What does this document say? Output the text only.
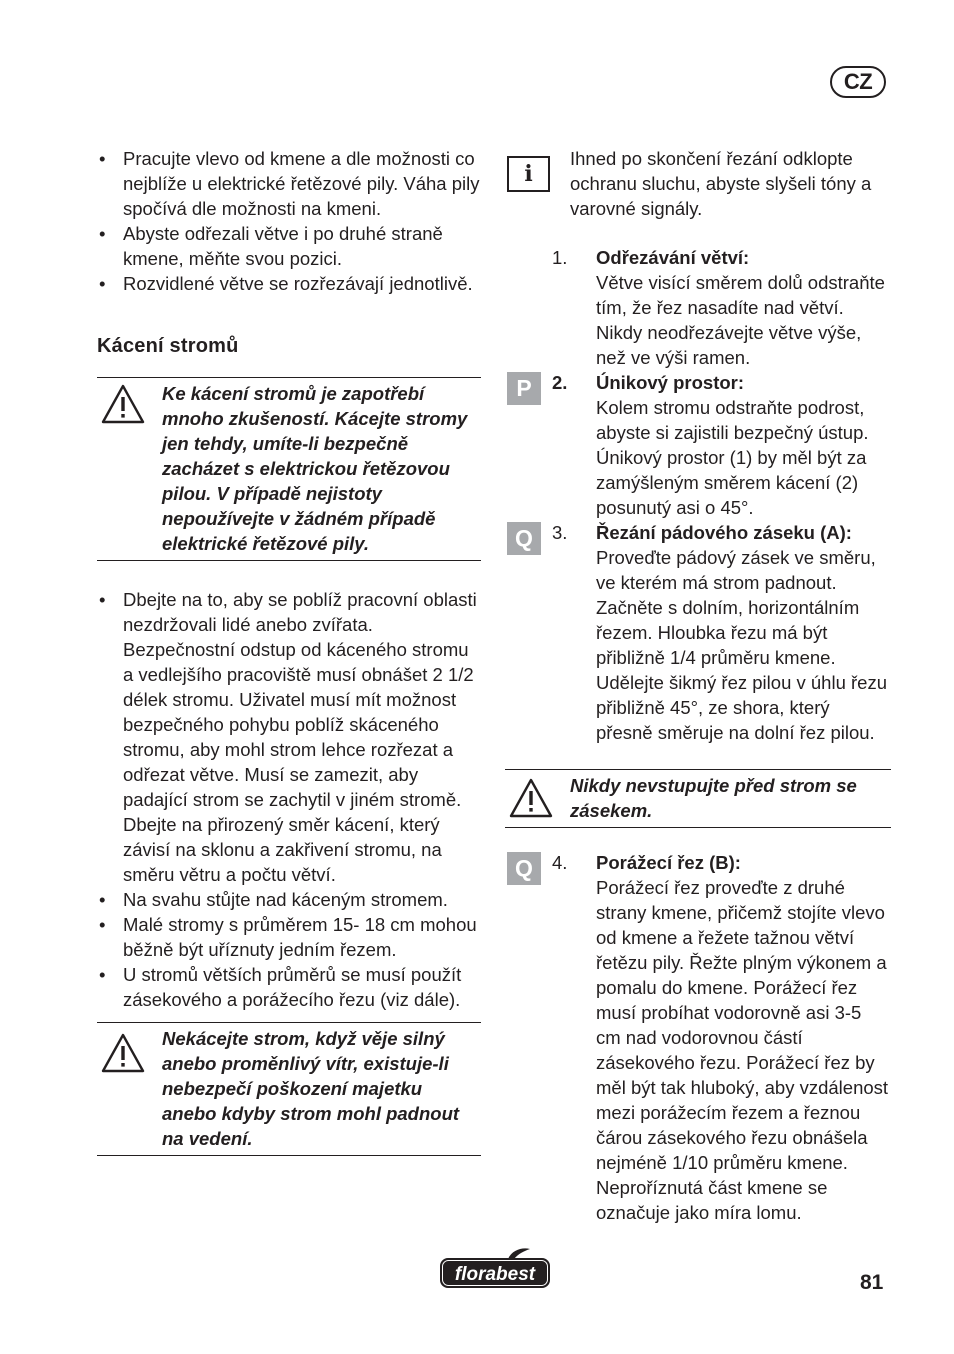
CZ
• Pracujte vlevo od kmene a dle možnosti co nejblíže u elektrické řetězové pily. Váha pily spočívá dle možnosti na kmeni.
• Abyste odřezali větve i po druhé straně kmene, měňte svou pozici.
• Rozvidlené větve se rozřezávají jednotlivě.
Kácení stromů
Ke kácení stromů je zapotřebí mnoho zkušeností. Kácejte stromy jen tehdy, umíte-li bezpečně zacházet s elektrickou řetězovou pilou. V případě nejistoty nepoužívejte v žádném případě elektrické řetězové pily.
• Dbejte na to, aby se poblíž pracovní oblasti nezdržovali lidé anebo zvířata. Bezpečnostní odstup od káceného stromu a vedlejšího pracoviště musí obnášet 2 1/2 délek stromu. Uživatel musí mít možnost bezpečného pohybu poblíž skáceného stromu, aby mohl strom lehce rozřezat a odřezat větve. Musí se zamezit, aby padající strom se zachytil v jiném stromě. Dbejte na přirozený směr kácení, který závisí na sklonu a zakřivení stromu, na směru větru a počtu větví.
• Na svahu stůjte nad káceným stromem.
• Malé stromy s průměrem 15- 18 cm mohou běžně být uříznuty jedním řezem.
• U stromů větších průměrů se musí použít zásekového a porážecího řezu (viz dále).
Nekácejte strom, když věje silný anebo proměnlivý vítr, existuje-li nebezpečí poškození majetku anebo kdyby strom mohl padnout na vedení.
i
Ihned po skončení řezání odklopte ochranu sluchu, abyste slyšeli tóny a varovné signály.
1. Odřezávání větví:
Větve visící směrem dolů odstraňte tím, že řez nasadíte nad větví. Nikdy neodřezávejte větve výše, než ve výši ramen.
P	2. Únikový prostor:
Kolem stromu odstraňte podrost, abyste si zajistili bezpečný ústup. Únikový prostor (1) by měl být za zamýšleným směrem kácení (2) posunutý asi o 45°.
Q	3. Řezání pádového záseku (A):
Proveďte pádový zásek ve směru, ve kterém má strom padnout. Začněte s dolním, horizontálním řezem. Hloubka řezu má být přibližně 1/4 průměru kmene. Udělejte šikmý řez pilou v úhlu řezu přibližně 45°, ze shora, který přesně směruje na dolní řez pilou.
Nikdy nevstupujte před strom se zásekem.
Q	4. Porážecí řez (B):
Porážecí řez proveďte z druhé strany kmene, přičemž stojíte vlevo od kmene a řežete tažnou větví řetězu pily. Řežte plným výkonem a pomalu do kmene. Porážecí řez musí probíhat vodorovně asi 3-5 cm nad vodorovnou částí zásekového řezu. Porážecí řez by měl být tak hluboký, aby vzdálenost mezi porážecím řezem a řeznou čárou zásekového řezu obnášela nejméně 1/10 průměru kmene. Neproříznutá část kmene se označuje jako míra lomu.
florabest	81
